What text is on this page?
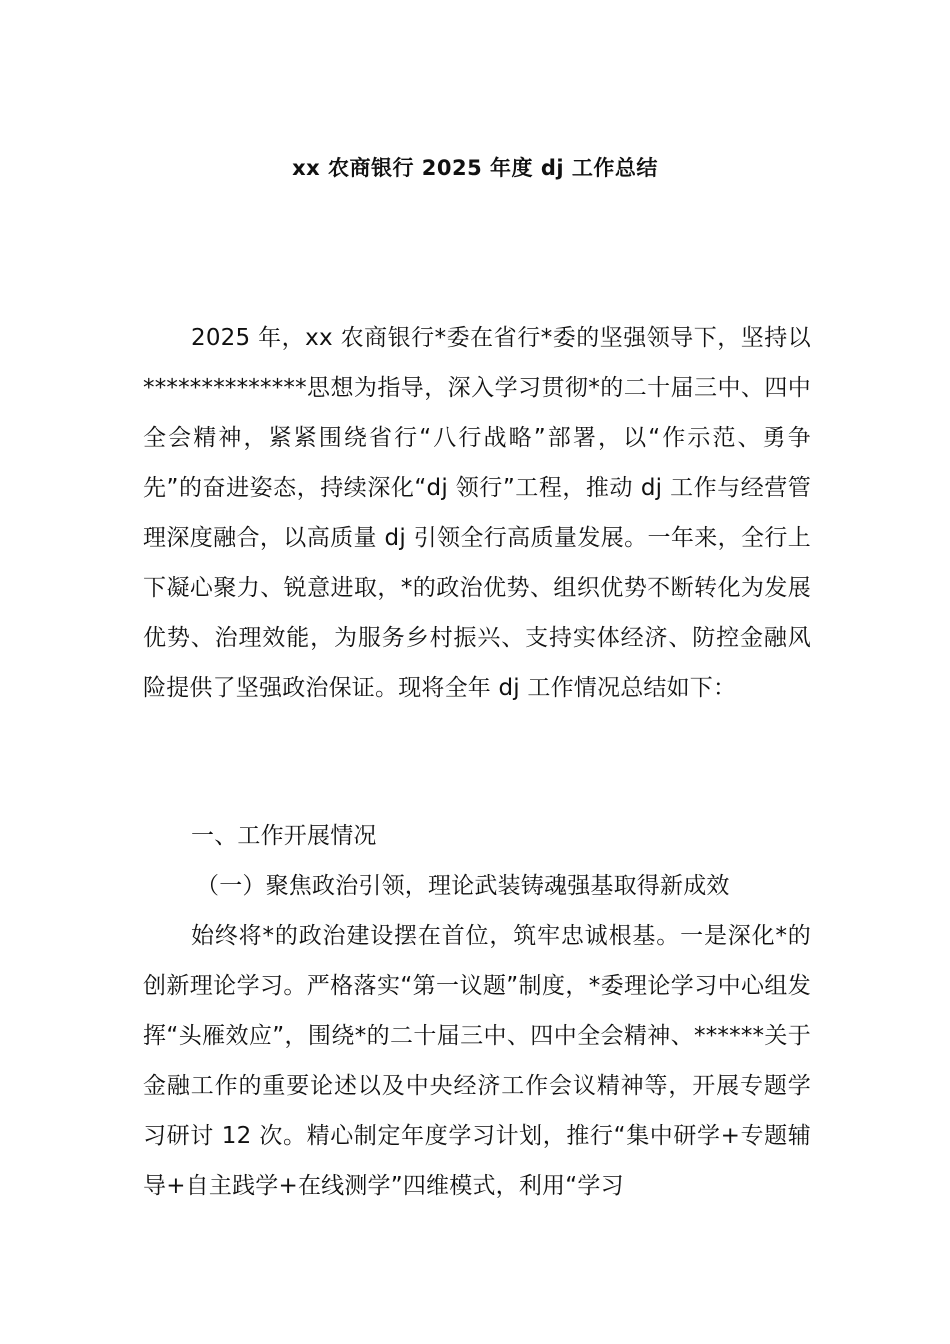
xx 农商银行 2025 年度 dj 工作总结

2025 年，xx 农商银行*委在省行*委的坚强领导下，坚持以**************思想为指导，深入学习贯彻*的二十届三中、四中全会精神，紧紧围绕省行“八行战略”部署，以“作示范、勇争先”的奋进姿态，持续深化“dj 领行”工程，推动 dj 工作与经营管理深度融合，以高质量 dj 引领全行高质量发展。一年来，全行上下凝心聚力、锐意进取，*的政治优势、组织优势不断转化为发展优势、治理效能，为服务乡村振兴、支持实体经济、防控金融风险提供了坚强政治保证。现将全年 dj 工作情况总结如下：

一、工作开展情况
（一）聚焦政治引领，理论武装铸魂强基取得新成效

始终将*的政治建设摆在首位，筑牢忠诚根基。一是深化*的创新理论学习。严格落实“第一议题”制度，*委理论学习中心组发挥“头雁效应”，围绕*的二十届三中、四中全会精神、******关于金融工作的重要论述以及中央经济工作会议精神等，开展专题学习研讨 12 次。精心制定年度学习计划，推行“集中研学+专题辅导+自主践学+在线测学”四维模式，利用“学习
